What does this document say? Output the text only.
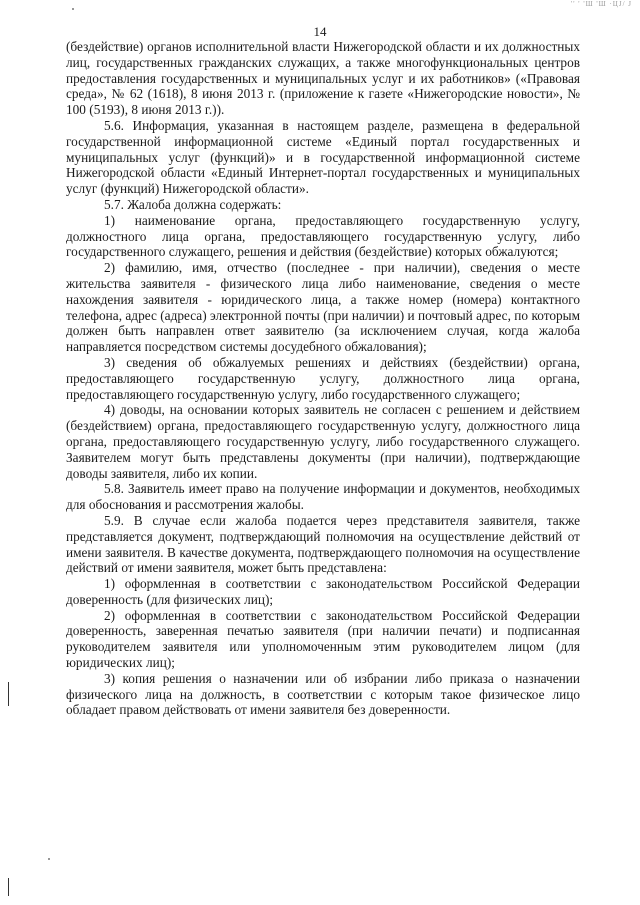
'' ' 'Ш 'Ш ·ЦЈ/ Ј
14

(бездействие) органов исполнительной власти Нижегородской области и их должностных лиц, государственных гражданских служащих, а также многофункциональных центров предоставления государственных и муниципальных услуг и их работников» («Правовая среда», № 62 (1618), 8 июня 2013 г. (приложение к газете «Нижегородские новости», № 100 (5193), 8 июня 2013 г.)).

5.6. Информация, указанная в настоящем разделе, размещена в федеральной государственной информационной системе «Единый портал государственных и муниципальных услуг (функций)» и в государственной информационной системе Нижегородской области «Единый Интернет-портал государственных и муниципальных услуг (функций) Нижегородской области».

5.7. Жалоба должна содержать:

1) наименование органа, предоставляющего государственную услугу, должностного лица органа, предоставляющего государственную услугу, либо государственного служащего, решения и действия (бездействие) которых обжалуются;

2) фамилию, имя, отчество (последнее - при наличии), сведения о месте жительства заявителя - физического лица либо наименование, сведения о месте нахождения заявителя - юридического лица, а также номер (номера) контактного телефона, адрес (адреса) электронной почты (при наличии) и почтовый адрес, по которым должен быть направлен ответ заявителю (за исключением случая, когда жалоба направляется посредством системы досудебного обжалования);

3) сведения об обжалуемых решениях и действиях (бездействии) органа, предоставляющего государственную услугу, должностного лица органа, предоставляющего государственную услугу, либо государственного служащего;

4) доводы, на основании которых заявитель не согласен с решением и действием (бездействием) органа, предоставляющего государственную услугу, должностного лица органа, предоставляющего государственную услугу, либо государственного служащего. Заявителем могут быть представлены документы (при наличии), подтверждающие доводы заявителя, либо их копии.

5.8. Заявитель имеет право на получение информации и документов, необходимых для обоснования и рассмотрения жалобы.

5.9. В случае если жалоба подается через представителя заявителя, также представляется документ, подтверждающий полномочия на осуществление действий от имени заявителя. В качестве документа, подтверждающего полномочия на осуществление действий от имени заявителя, может быть представлена:

1) оформленная в соответствии с законодательством Российской Федерации доверенность (для физических лиц);

2) оформленная в соответствии с законодательством Российской Федерации доверенность, заверенная печатью заявителя (при наличии печати) и подписанная руководителем заявителя или уполномоченным этим руководителем лицом (для юридических лиц);

3) копия решения о назначении или об избрании либо приказа о назначении физического лица на должность, в соответствии с которым такое физическое лицо обладает правом действовать от имени заявителя без доверенности.
